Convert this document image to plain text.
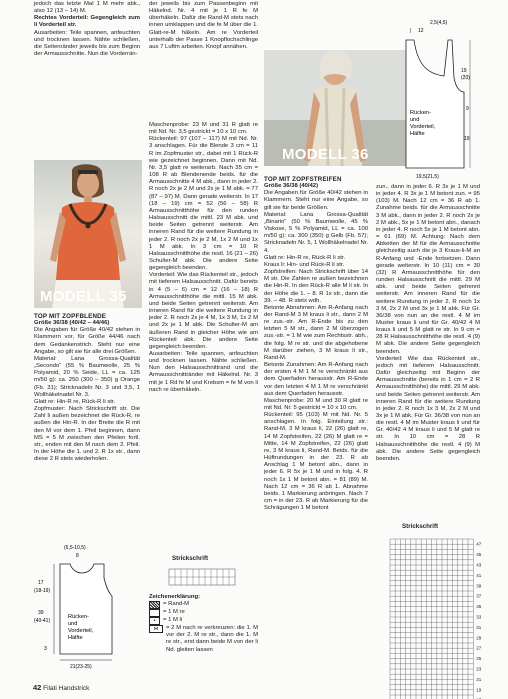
jedoch das letzte Mal 1 M mehr abk., also 12 (13 – 14) M.

Rechtes Vorderteil: Gegengleich zum li Vorderteil str.

Ausarbeiten: Teile spannen, anfeuchten und trocknen lassen. Nähte schließen, die Seitenränder jeweils bis zum Beginn der Armausschnitte. Nun die Vorderrän-

MODELL 35

TOP MIT ZOPFBLENDE

Größe 36/38 (40/42 – 44/46)

Die Angaben für Größe 40/42 stehen in Klammern vor, für Größe 44/46 nach dem Gedankenstrich. Steht nur eine Angabe, so gilt sie für alle drei Größen.

Material: Lana Grossa-Qualität „Secondo“ (55 % Baumwolle, 25 % Polyamid, 20 % Seide, LL = ca. 125 m/50 g): ca. 250 (300 – 350) g Orange (Fb. 31); Stricknadeln Nr. 3 und 3,5, 1 Wollhäkelnadel Nr. 3.

Glatt re: Hin-R re, Rück-R li str.

Zopfmuster: Nach Strickschrift str. Die Zahl li außen bezeichnet die Rück-R, re außen die Hin-R. In der Breite die R mit den M vor dem 1. Pfeil beginnen, dann MS = 5 M zwischen den Pfeilen fortl. str., enden mit den M nach dem 2. Pfeil. In der Höhe die 1. und 2. R 1x str., dann diese 2 R stets wiederholen.

(6,5-10,5)
8
17
(18-19)
39
(40-41)
3
Rücken-
und
Vorderteil,
Hälfte
21(23-25)

der jeweils bis zum Passenbeginn mit Häkelnd. Nr. 4 mit je 1 R fe M überhäkeln. Dafür die Rand-M stets nach innen umklappen und die fe M über die 1. Glatt-re-M häkeln. Am re Vorderteil unterhalb der Passe 1 Knopflochschlinge aus 7 Luftm arbeiten. Knopf annähen.

Maschenprobe: 23 M und 31 R glatt re mit Nd. Nr. 3,5 gestrickt = 10 x 10 cm.

Rückenteil: 97 (107 – 117) M mit Nd. Nr. 3 anschlagen. Für die Blende 3 cm = 11 R im Zopfmuster str., dabei mit 1 Rück-R wie gezeichnet beginnen. Dann mit Nd. Nr. 3,5 glatt re weiterarb. Nach 35 cm = 108 R ab Blendenende beids. für die Armausschnitte 4 M abk., dann in jeder 2. R noch 2x je 2 M und 2x je 1 M abk. = 77 (87 – 97) M. Dann gerade weiterstr. In 17 (18 – 19) cm = 52 (56 – 58) R Armausschnitthöhe für den runden Halsausschnitt die mittl. 23 M abk. und beide Seiten getrennt weiterstr. Am inneren Rand für die weitere Rundung in jeder 2. R noch 2x je 2 M, 1x 2 M und 1x 1 M abk. In 3 cm = 10 R Halsausschnitthöhe die restl. 16 (21 – 26) Schulter-M abk. Die andere Seite gegengleich beenden.

Vorderteil: Wie das Rückenteil str., jedoch mit tieferem Halsausschnitt. Dafür bereits in 4 (5 – 6) cm = 12 (16 – 18) R Armausschnitthöhe die mittl. 15 M abk. und beide Seiten getrennt weiterstr. Am inneren Rand für die weitere Rundung in jeder 2. R noch 2x je 4 M, 1x 3 M, 1x 2 M und 2x je 1 M abk. Die Schulter-M am äußeren Rand in gleicher Höhe wie am Rückenteil abk. Die andere Seite gegengleich beenden.

Ausarbeiten: Teile spannen, anfeuchten und trocknen lassen. Nähte schließen. Nun den Halsausschnittrand und die Armausschnittränder mit Häkelnd. Nr. 3 mit je 1 Rd fe M und Krebsm = fe M von li nach re überhäkeln.

Strickschrift

Zeichenerklärung:

= Rand-M
= 1 M re
•	= 1 M li
⋈	= 2 M nach re verkreuzen: die 1. M vor der 2. M re str., dann die 1. M re str., erst dann beide M von der li Nd. gleiten lassen
MODELL 36
2,5(4,5)
| 12
19
(20)
9
19
Rücken-
und
Vorderteil,
Hälfte
19,5(21,5)

TOP MIT ZOPFSTREIFEN

Größe 36/38 (40/42)

Die Angaben für Größe 40/42 stehen in Klammern. Steht nur eine Angabe, so gilt sie für beide Größen.

Material: Lana Grossa-Qualität „Binario“ (50 % Baumwolle, 45 % Viskose, 5 % Polyamid, LL = ca. 100 m/50 g): ca. 300 (350) g Gelb (Fb. 57); Stricknadeln Nr. 5, 1 Wollhäkelnadel Nr. 4.

Glatt re: Hin-R re, Rück-R li str.

Kraus li: Hin- und Rück-R li str.

Zopfstreifen: Nach Strickschrift über 14 M str. Die Zahlen re außen bezeichnen die Hin-R. In den Rück-R alle M li str. In der Höhe die 1. – 8. R 1x str., dann die 39. – 48. R stets wdh.

Betonte Abnahmen: Am R-Anfang nach der Rand-M 3 M kraus li str., dann 2 M re zus.-str. Am R-Ende bis zu den letzten 5 M str., dann 2 M überzogen zus.-str. = 1 M wie zum Rechtsstr. abh., die folg. M re str. und die abgehobene M darüber ziehen, 3 M kraus li str., Rand-M.

Betonte Zunahmen: Am R-Anfang nach der ersten 4 M 1 M re verschränkt aus dem Querfaden herausstr. Am R-Ende vor den letzten 4 M 1 M re verschränkt aus dem Querfaden herausstr.

Maschenprobe: 20 M und 30 R glatt re mit Nd. Nr. 5 gestrickt = 10 x 10 cm.

Rückenteil: 95 (103) M mit Nd. Nr. 5 anschlagen. In folg. Einteilung str.: Rand-M, 3 M kraus li, 22 (26) glatt re, 14 M Zopfstreifen, 22 (26) M glatt re = Mitte, 14 M Zopfstreifen, 22 (26) glatt re, 3 M kraus li, Rand-M. Beids. für die Hüftrundungen in der 23. R ab Anschlag 1 M betont abn., dann in jeder 6. R 5x je 1 M und in folg. 4. R noch 1x 1 M betont abn. = 81 (89) M. Nach 12 cm = 36 R ab 1. Abnahme beids. 1 Markierung anbringen. Nach 7 cm = in der 23. R ab Markierung für die Schrägungen 1 M betont

zun., dann in jeder 6. R 3x je 1 M und in jeder 4. R 3x je 1 M betont zun. = 95 (103) M. Nach 12 cm = 36 R ab 1. Zunahme beids. für die Armausschnitte 3 M abk., dann in jeder 2. R noch 2x je 2 M abk., 5x je 1 M betont abn., danach in jeder 4. R noch 5x je 1 M betont abn. = 61 (69) M. Achtung: Nach dem Abketten der M für die Armausschnitte gleichzeitig auch die je 3 Kraus-li-M an R-Anfang und -Ende fortsetzen. Dann gerade weiterstr. In 10 (11) cm = 30 (32) R Armausschnitthöhe für den runden Halsausschnitt die mittl. 29 M abk. und beide Seiten getrennt weiterstr. Am inneren Rand für die weitere Rundung in jeder 2. R noch 1x 3 M, 2x 2 M und 3x je 1 M abk. Für Gr. 36/38 von nun an die restl. 4 M im Muster kraus li und für Gr. 40/42 4 M kraus li und 5 M glatt re str. In 9 cm = 28 R Halsausschnitthöhe die restl. 4 (9) M abk. Die andere Seite gegengleich beenden.

Vorderteil: Wie das Rückenteil str., jedoch mit tieferem Halsausschnitt. Dafür gleichzeitig mit Beginn der Armausschnitte (bereits in 1 cm = 2 R Armausschnitthöhe) die mittl. 29 M abk. und beide Seiten getrennt weiterstr. Am inneren Rand für die weitere Rundung in jeder 2. R noch 1x 3 M, 2x 2 M und 3x je 1 M abk. Für Gr. 36/38 von nun an die restl. 4 M im Muster kraus li und für Gr. 40/42 4 M kraus li und 5 M glatt re str. In 10 cm = 28 R Halsausschnitthöhe die restl. 4 (9) M abk. Die andere Seite gegengleich beenden.

Strickschrift
47
45
43
41
39
37
35
33
31
29
27
25
23
21
19
42 Filati Handstrick
